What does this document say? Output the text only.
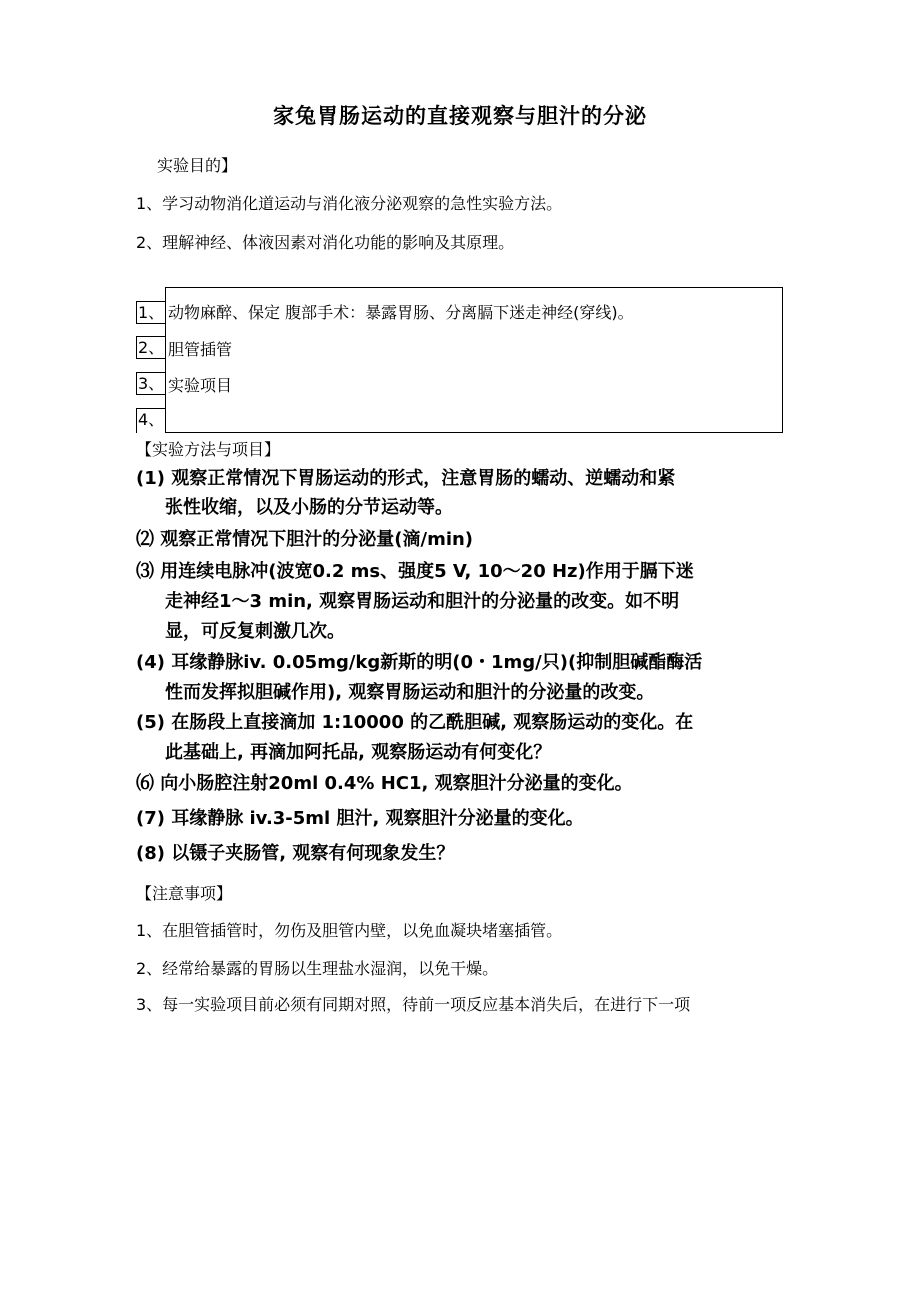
家兔胃肠运动的直接观察与胆汁的分泌
实验目的】
1、学习动物消化道运动与消化液分泌观察的急性实验方法。
2、理解神经、体液因素对消化功能的影响及其原理。
1、 动物麻醉、保定 腹部手术：暴露胃肠、分离膈下迷走神经(穿线)。
2、 胆管插管
3、 实验项目
4、
【实验方法与项目】
(1) 观察正常情况下胃肠运动的形式，注意胃肠的蠕动、逆蠕动和紧
张性收缩，以及小肠的分节运动等。
⑵ 观察正常情况下胆汁的分泌量(滴/min)
⑶ 用连续电脉冲(波宽0.2 ms、强度5 V, 10～20 Hz)作用于膈下迷
走神经1～3 min, 观察胃肠运动和胆汁的分泌量的改变。如不明
显，可反复刺激几次。
(4) 耳缘静脉iv. 0.05mg/kg新斯的明(0・1mg/只)(抑制胆碱酯酶活
性而发挥拟胆碱作用), 观察胃肠运动和胆汁的分泌量的改变。
(5) 在肠段上直接滴加 1:10000 的乙酰胆碱, 观察肠运动的变化。在
此基础上, 再滴加阿托品, 观察肠运动有何变化？
⑹ 向小肠腔注射20ml 0.4% HC1, 观察胆汁分泌量的变化。
(7) 耳缘静脉 iv.3-5ml 胆汁, 观察胆汁分泌量的变化。
(8) 以镊子夹肠管, 观察有何现象发生？
【注意事项】
1、在胆管插管时，勿伤及胆管内壁，以免血凝块堵塞插管。
2、经常给暴露的胃肠以生理盐水湿润，以免干燥。
3、每一实验项目前必须有同期对照，待前一项反应基本消失后，在进行下一项
